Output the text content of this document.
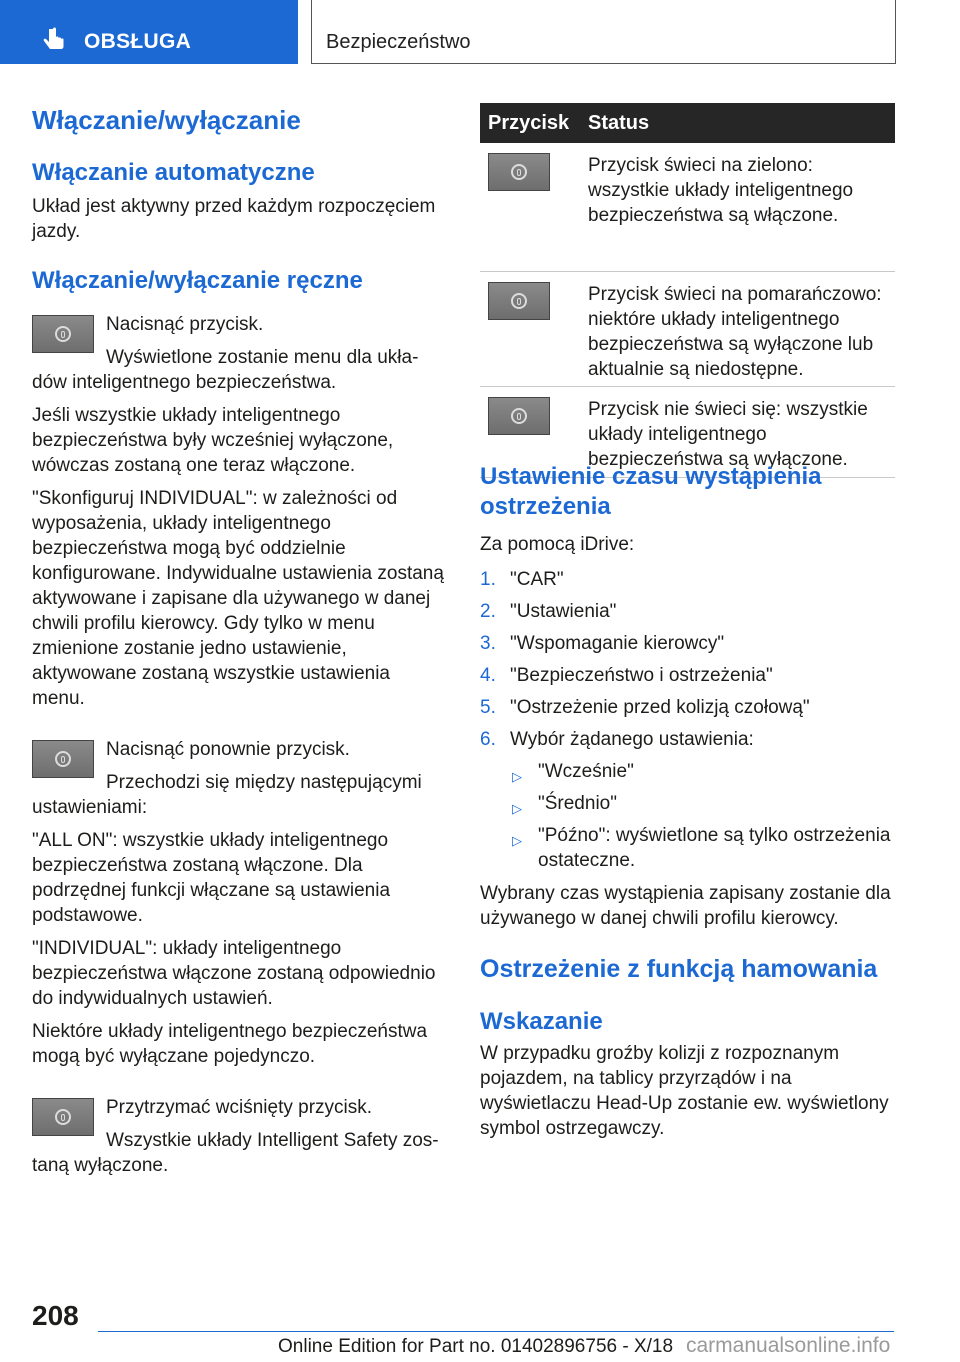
OBSŁUGA	Bezpieczeństwo
Włączanie/wyłączanie
Włączanie automatyczne

Układ jest aktywny przed każdym rozpoczęciem jazdy.

Włączanie/wyłączanie ręczne

Nacisnąć przycisk.

Wyświetlone zostanie menu dla ukła-

dów inteligentnego bezpieczeństwa.

Jeśli wszystkie układy inteligentnego bezpieczeństwa były wcześniej wyłączone, wówczas zostaną one teraz włączone.

"Skonfiguruj INDIVIDUAL": w zależności od wyposażenia, układy inteligentnego bezpieczeństwa mogą być oddzielnie konfigurowane. Indywidualne ustawienia zostaną aktywowane i zapisane dla używanego w danej chwili profilu kierowcy. Gdy tylko w menu zmienione zostanie jedno ustawienie, aktywowane zostaną wszystkie ustawienia menu.

Nacisnąć ponownie przycisk.

Przechodzi się między następującymi

ustawieniami:

"ALL ON": wszystkie układy inteligentnego bezpieczeństwa zostaną włączone. Dla podrzędnej funkcji włączane są ustawienia podstawowe.

"INDIVIDUAL": układy inteligentnego bezpieczeństwa włączone zostaną odpowiednio do indywidualnych ustawień.

Niektóre układy inteligentnego bezpieczeństwa mogą być wyłączane pojedynczo.

Przytrzymać wciśnięty przycisk.

Wszystkie układy Intelligent Safety zos-

taną wyłączone.

Przycisk	Status

	Przycisk świeci na zielono: wszystkie układy inteligentnego bezpieczeństwa są włączone.

	Przycisk świeci na pomarańczowo: niektóre układy inteligentnego bezpieczeństwa są wyłączone lub aktualnie są niedostępne.

	Przycisk nie świeci się: wszystkie układy inteligentnego bezpieczeństwa są wyłączone.
Ustawienie czasu wystąpienia ostrzeżenia

Za pomocą iDrive:

1. "CAR"
2. "Ustawienia"
3. "Wspomaganie kierowcy"
4. "Bezpieczeństwo i ostrzeżenia"
5. "Ostrzeżenie przed kolizją czołową"
6. Wybór żądanego ustawienia:
▷ "Wcześnie"
▷ "Średnio"
▷ "Późno": wyświetlone są tylko ostrzeżenia ostateczne.

Wybrany czas wystąpienia zapisany zostanie dla używanego w danej chwili profilu kierowcy.

Ostrzeżenie z funkcją hamowania
Wskazanie

W przypadku groźby kolizji z rozpoznanym pojazdem, na tablicy przyrządów i na wyświetlaczu Head-Up zostanie ew. wyświetlony symbol ostrzegawczy.

208
Online Edition for Part no. 01402896756 - X/18 carmanualsonline.info
